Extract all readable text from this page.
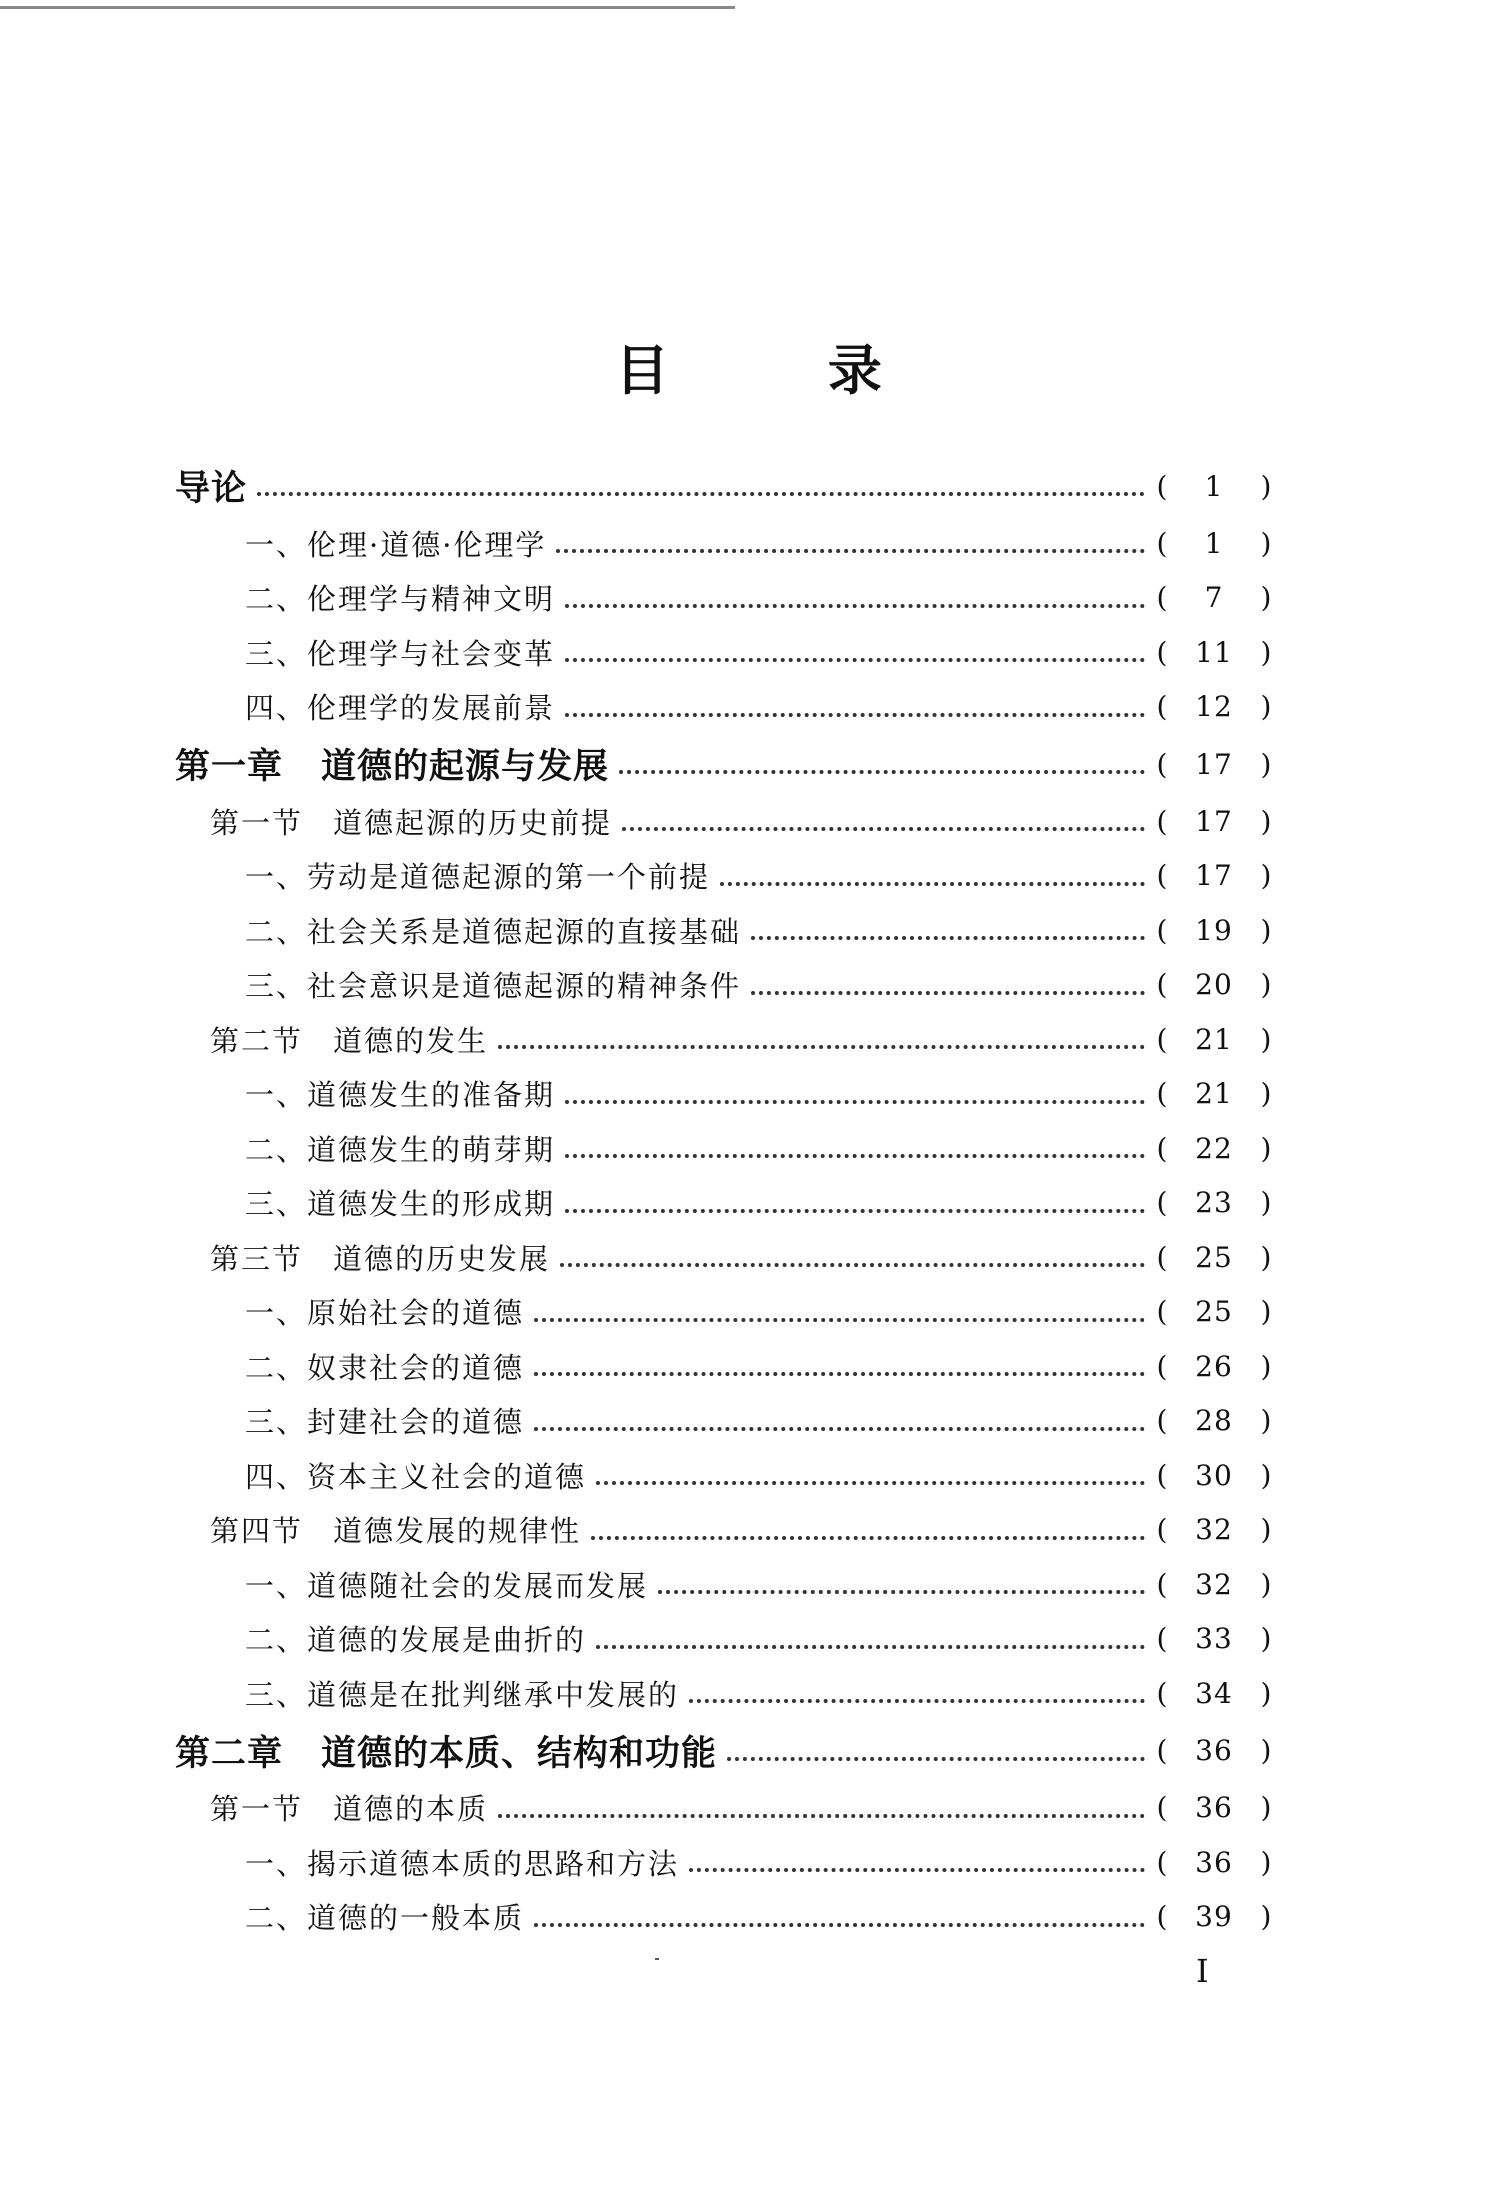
目 录
导论	(	1	)
一、伦理·道德·伦理学	(	1	)
二、伦理学与精神文明	(	7	)
三、伦理学与社会变革	( 11 )
四、伦理学的发展前景	( 12 )
第一章 道德的起源与发展	( 17 )
第一节 道德起源的历史前提	( 17 )
一、劳动是道德起源的第一个前提	( 17 )
二、社会关系是道德起源的直接基础	( 19 )
三、社会意识是道德起源的精神条件	( 20 )
第二节 道德的发生	( 21 )
一、道德发生的准备期	( 21 )
二、道德发生的萌芽期	( 22 )
三、道德发生的形成期	( 23 )
第三节 道德的历史发展	( 25 )
一、原始社会的道德	( 25 )
二、奴隶社会的道德	( 26 )
三、封建社会的道德	( 28 )
四、资本主义社会的道德	( 30 )
第四节 道德发展的规律性	( 32 )
一、道德随社会的发展而发展	( 32 )
二、道德的发展是曲折的	( 33 )
三、道德是在批判继承中发展的	( 34 )
第二章 道德的本质、结构和功能	( 36 )
第一节 道德的本质	( 36 )
一、揭示道德本质的思路和方法	( 36 )
二、道德的一般本质	( 39 )
I
